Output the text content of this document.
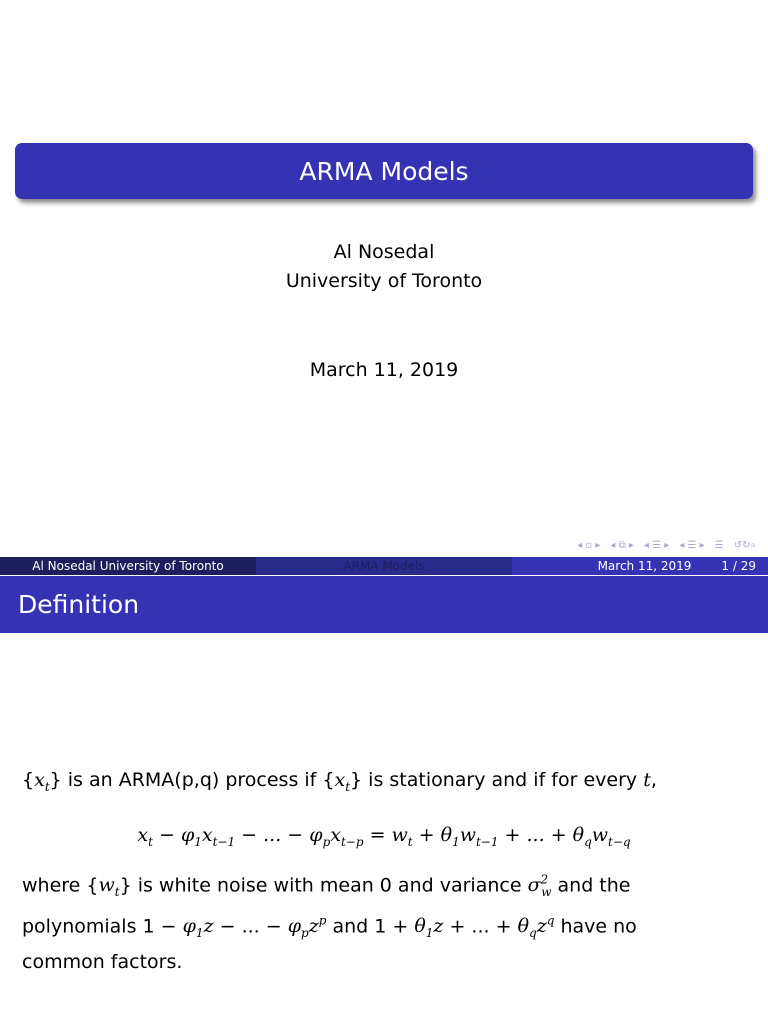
ARMA Models
Al Nosedal
University of Toronto
March 11, 2019
◂ ▫ ▸	◂ ⧉ ▸	◂ ☰ ▸	◂ ☰ ▸	☰	↺↻⌕
Al Nosedal University of Toronto	ARMA Models	March 11, 2019	1 / 29
Definition
$\{x_t\}$ is an ARMA(p,q) process if $\{x_t\}$ is stationary and if for every t,
$x_t - \varphi_1x_{t-1}$ − ... − $\varphi_px_{t-p} = w_t + \theta_1w_{t-1}$ + ... + $\theta_qw_{t-q}$
where $\{w_t\}$ is white noise with mean 0 and variance $\sigma^2_w$ and the
polynomials $1 - \varphi_1z$ − ... − $\varphi_pz^p$ and $1 + \theta_1z$ + ... + $\theta_qz^q$ have no
common factors.
